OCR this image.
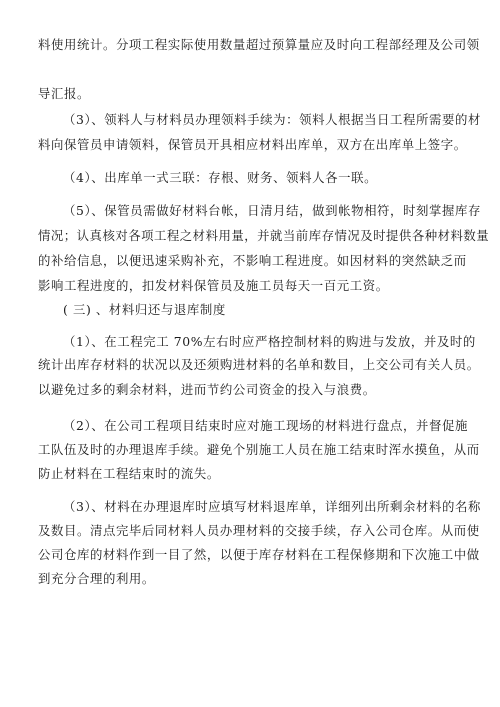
料使用统计。分项工程实际使用数量超过预算量应及时向工程部经理及公司领
导汇报。
（3）、领料人与材料员办理领料手续为：领料人根据当日工程所需要的材
料向保管员申请领料，保管员开具相应材料出库单，双方在出库单上签字。
（4）、出库单一式三联：存根、财务、领料人各一联。
（5）、保管员需做好材料台帐，日清月结，做到帐物相符，时刻掌握库存
情况；认真核对各项工程之材料用量，并就当前库存情况及时提供各种材料数量
的补给信息，以便迅速采购补充，不影响工程进度。如因材料的突然缺乏而
影响工程进度的，扣发材料保管员及施工员每天一百元工资。
( 三) 、材料归还与退库制度
（1）、在工程完工 70%左右时应严格控制材料的购进与发放，并及时的
统计出库存材料的状况以及还须购进材料的名单和数目，上交公司有关人员。
以避免过多的剩余材料，进而节约公司资金的投入与浪费。
（2）、在公司工程项目结束时应对施工现场的材料进行盘点，并督促施
工队伍及时的办理退库手续。避免个别施工人员在施工结束时浑水摸鱼，从而
防止材料在工程结束时的流失。
（3）、材料在办理退库时应填写材料退库单，详细列出所剩余材料的名称
及数目。清点完毕后同材料人员办理材料的交接手续，存入公司仓库。从而使
公司仓库的材料作到一目了然，以便于库存材料在工程保修期和下次施工中做
到充分合理的利用。
